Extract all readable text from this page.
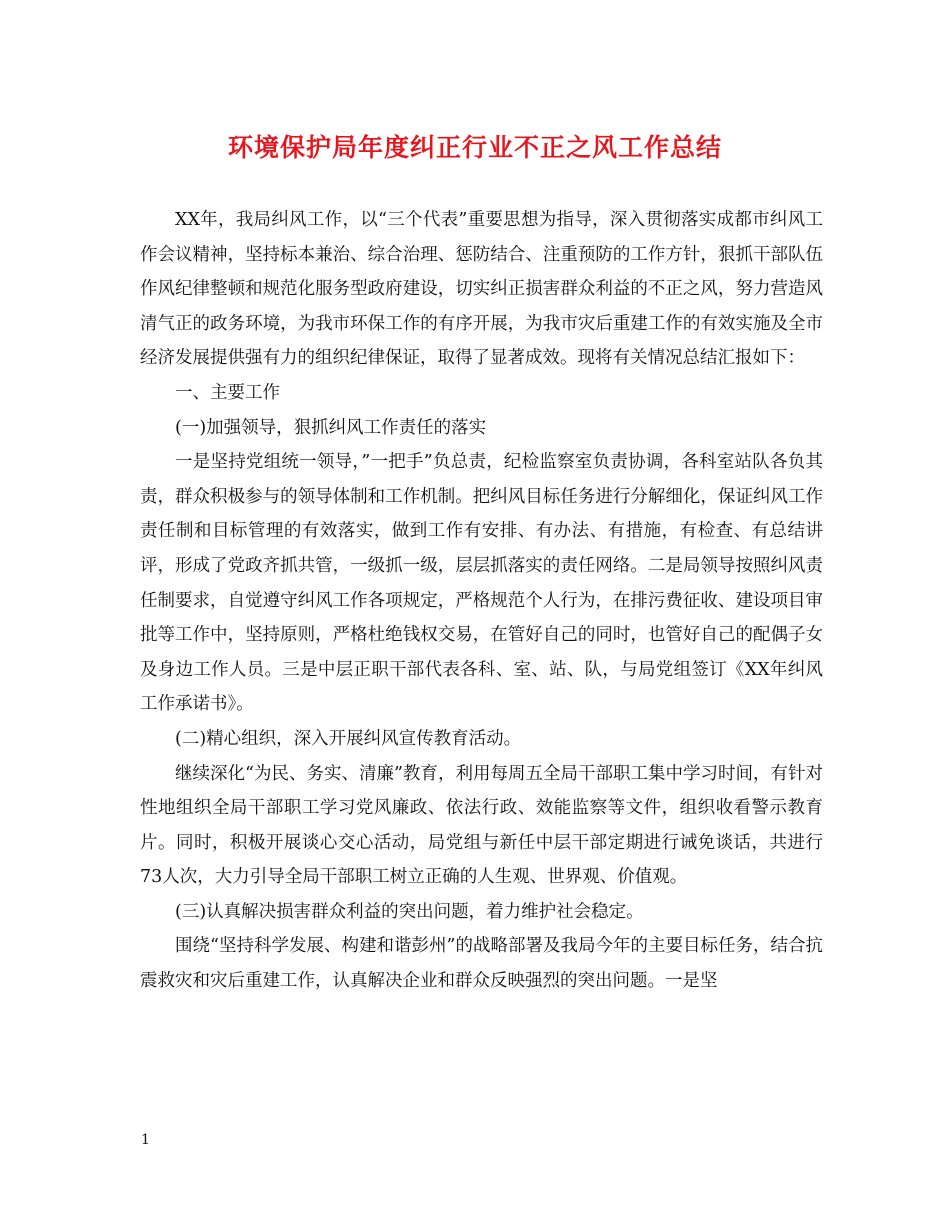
环境保护局年度纠正行业不正之风工作总结

XX年，我局纠风工作，以“三个代表”重要思想为指导，深入贯彻落实成都市纠风工作会议精神，坚持标本兼治、综合治理、惩防结合、注重预防的工作方针，狠抓干部队伍作风纪律整顿和规范化服务型政府建设，切实纠正损害群众利益的不正之风，努力营造风清气正的政务环境，为我市环保工作的有序开展，为我市灾后重建工作的有效实施及全市经济发展提供强有力的组织纪律保证，取得了显著成效。现将有关情况总结汇报如下：

一、主要工作

(一)加强领导，狠抓纠风工作责任的落实

一是坚持党组统一领导，”一把手”负总责，纪检监察室负责协调，各科室站队各负其责，群众积极参与的领导体制和工作机制。把纠风目标任务进行分解细化，保证纠风工作责任制和目标管理的有效落实，做到工作有安排、有办法、有措施，有检查、有总结讲评，形成了党政齐抓共管，一级抓一级，层层抓落实的责任网络。二是局领导按照纠风责任制要求，自觉遵守纠风工作各项规定，严格规范个人行为，在排污费征收、建设项目审批等工作中，坚持原则，严格杜绝钱权交易，在管好自己的同时，也管好自己的配偶子女及身边工作人员。三是中层正职干部代表各科、室、站、队，与局党组签订《XX年纠风工作承诺书》。

(二)精心组织，深入开展纠风宣传教育活动。

继续深化“为民、务实、清廉”教育，利用每周五全局干部职工集中学习时间，有针对性地组织全局干部职工学习党风廉政、依法行政、效能监察等文件，组织收看警示教育片。同时，积极开展谈心交心活动，局党组与新任中层干部定期进行诫免谈话，共进行73人次，大力引导全局干部职工树立正确的人生观、世界观、价值观。

(三)认真解决损害群众利益的突出问题，着力维护社会稳定。

围绕“坚持科学发展、构建和谐彭州”的战略部署及我局今年的主要目标任务，结合抗震救灾和灾后重建工作，认真解决企业和群众反映强烈的突出问题。一是坚

1
